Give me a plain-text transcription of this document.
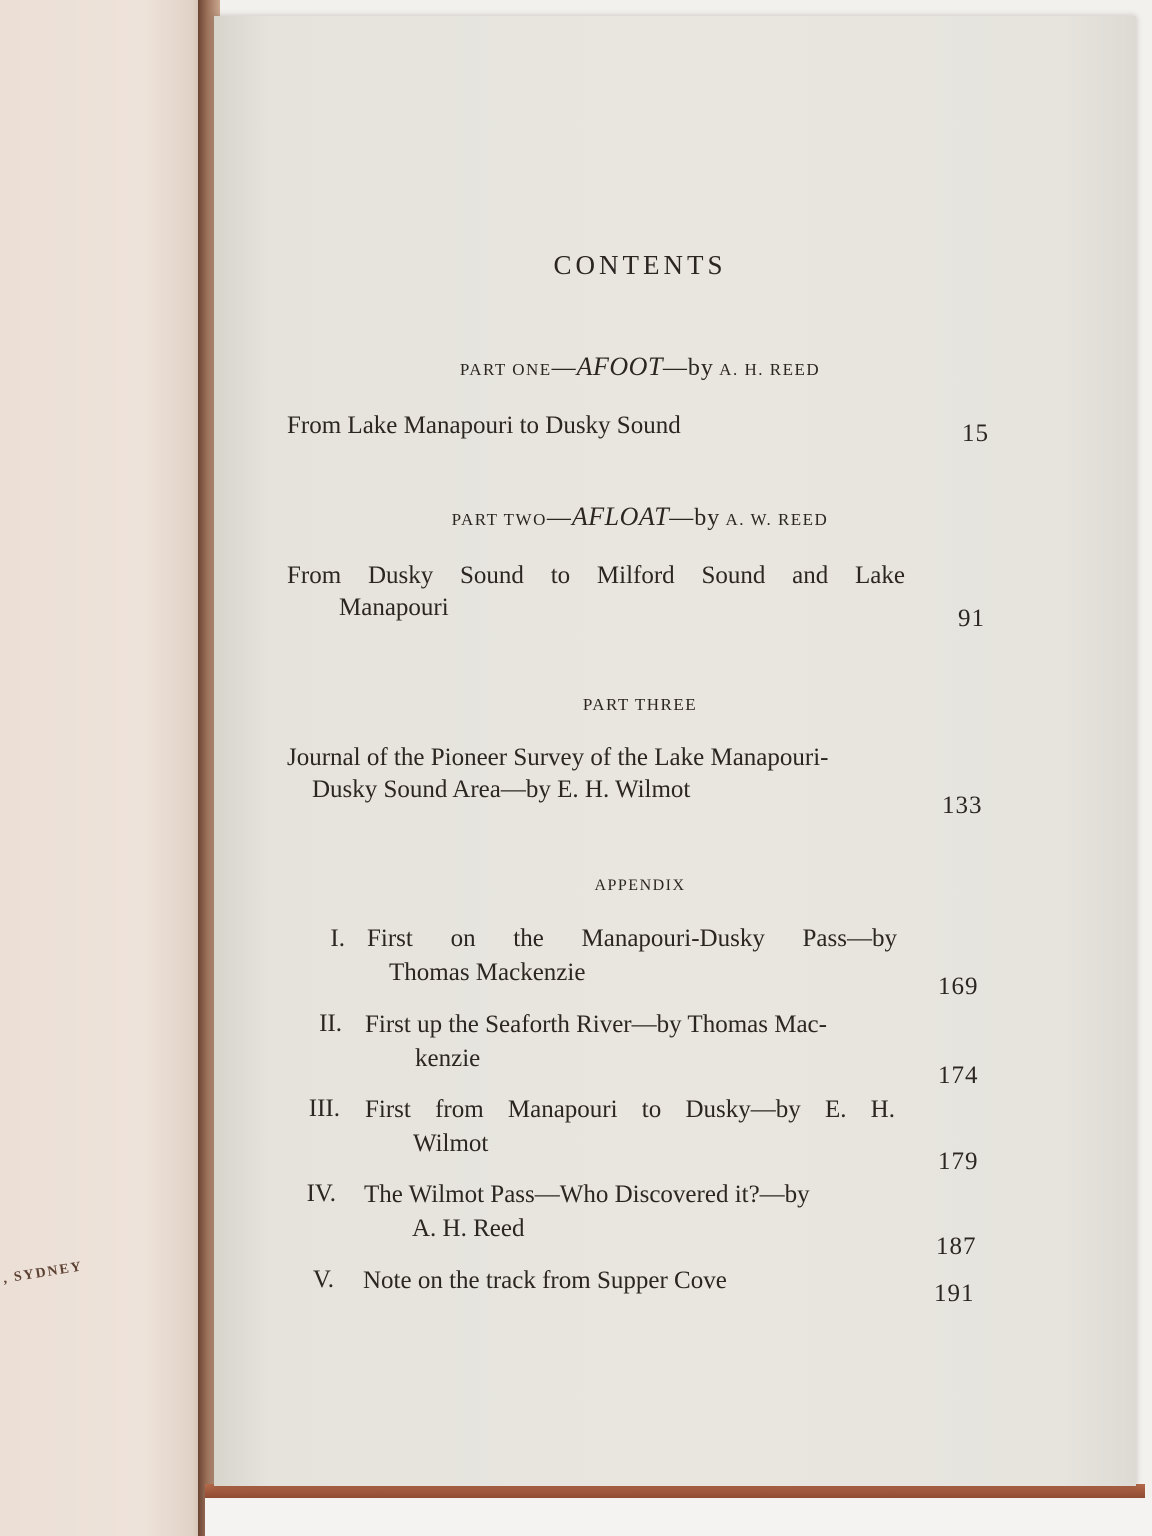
, SYDNEY
CONTENTS
PART ONE—AFOOT—by A. H. REED
From Lake Manapouri to Dusky Sound	15
PART TWO—AFLOAT—by A. W. REED
From Dusky Sound to Milford Sound and Lake
Manapouri	91
PART THREE
Journal of the Pioneer Survey of the Lake Manapouri-
Dusky Sound Area—by E. H. Wilmot
133
APPENDIX
I. First on the Manapouri-Dusky Pass—by
Thomas Mackenzie
169
II. First up the Seaforth River—by Thomas Mac-
kenzie
174
III. First from Manapouri to Dusky—by E. H.
Wilmot
179
IV. The Wilmot Pass—Who Discovered it?—by
A. H. Reed
187
V. Note on the track from Supper Cove	191
